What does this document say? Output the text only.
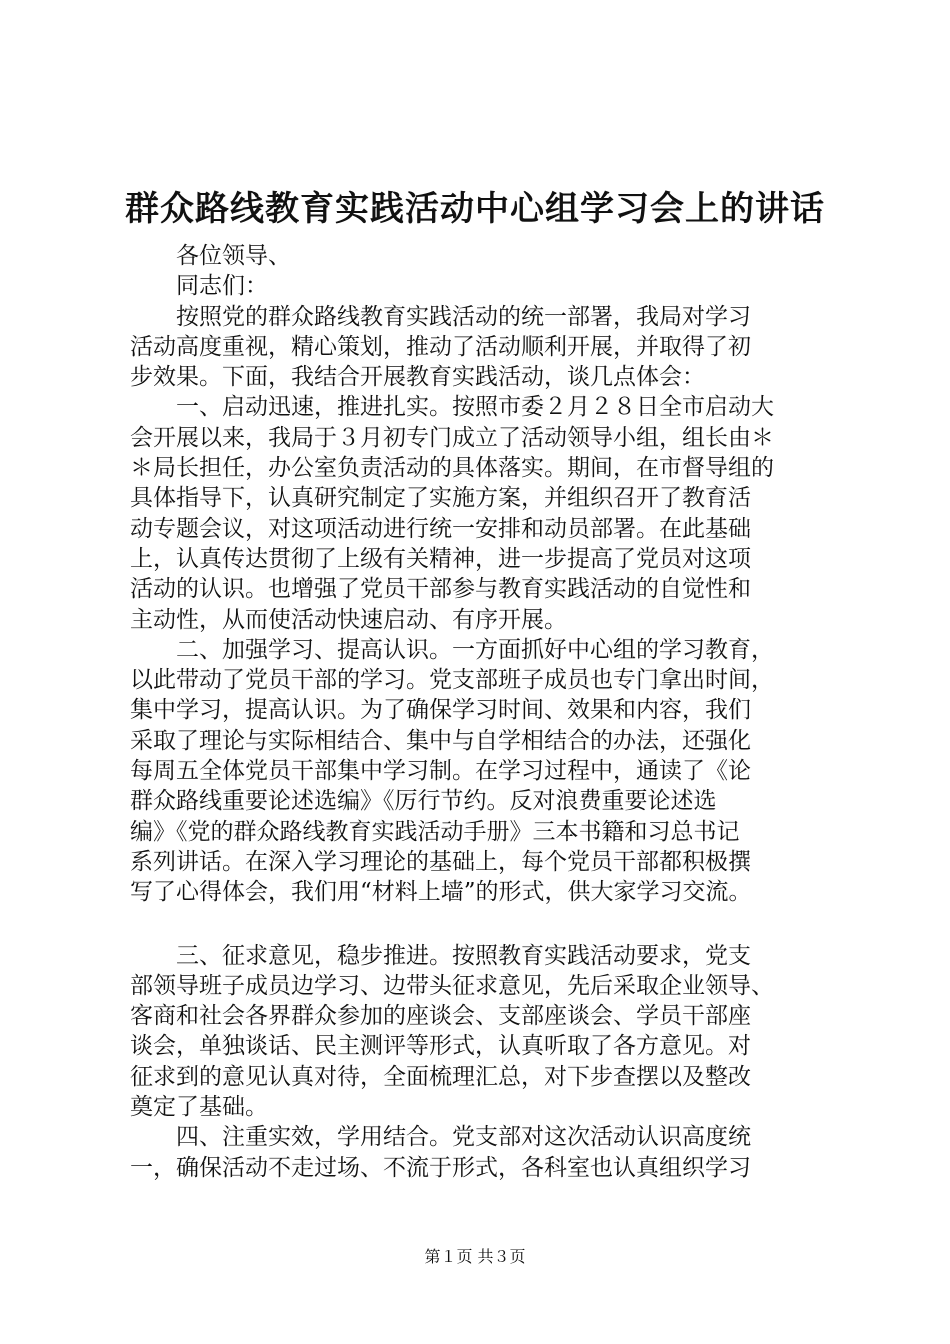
群众路线教育实践活动中心组学习会上的讲话
各位领导、
同志们：
按照党的群众路线教育实践活动的统一部署，我局对学习
活动高度重视，精心策划，推动了活动顺利开展，并取得了初
步效果。下面，我结合开展教育实践活动，谈几点体会：
一、启动迅速，推进扎实。按照市委２月２８日全市启动大
会开展以来，我局于３月初专门成立了活动领导小组，组长由＊
＊局长担任，办公室负责活动的具体落实。期间，在市督导组的
具体指导下，认真研究制定了实施方案，并组织召开了教育活
动专题会议，对这项活动进行统一安排和动员部署。在此基础
上，认真传达贯彻了上级有关精神，进一步提高了党员对这项
活动的认识。也增强了党员干部参与教育实践活动的自觉性和
主动性，从而使活动快速启动、有序开展。
二、加强学习、提高认识。一方面抓好中心组的学习教育，
以此带动了党员干部的学习。党支部班子成员也专门拿出时间，
集中学习，提高认识。为了确保学习时间、效果和内容，我们
采取了理论与实际相结合、集中与自学相结合的办法，还强化
每周五全体党员干部集中学习制。在学习过程中，通读了《论
群众路线重要论述选编》《厉行节约。反对浪费重要论述选
编》《党的群众路线教育实践活动手册》三本书籍和习总书记
系列讲话。在深入学习理论的基础上，每个党员干部都积极撰
写了心得体会，我们用“材料上墙”的形式，供大家学习交流。
三、征求意见，稳步推进。按照教育实践活动要求，党支
部领导班子成员边学习、边带头征求意见，先后采取企业领导、
客商和社会各界群众参加的座谈会、支部座谈会、学员干部座
谈会，单独谈话、民主测评等形式，认真听取了各方意见。对
征求到的意见认真对待，全面梳理汇总，对下步查摆以及整改
奠定了基础。
四、注重实效，学用结合。党支部对这次活动认识高度统
一，确保活动不走过场、不流于形式，各科室也认真组织学习
第１页 共３页
